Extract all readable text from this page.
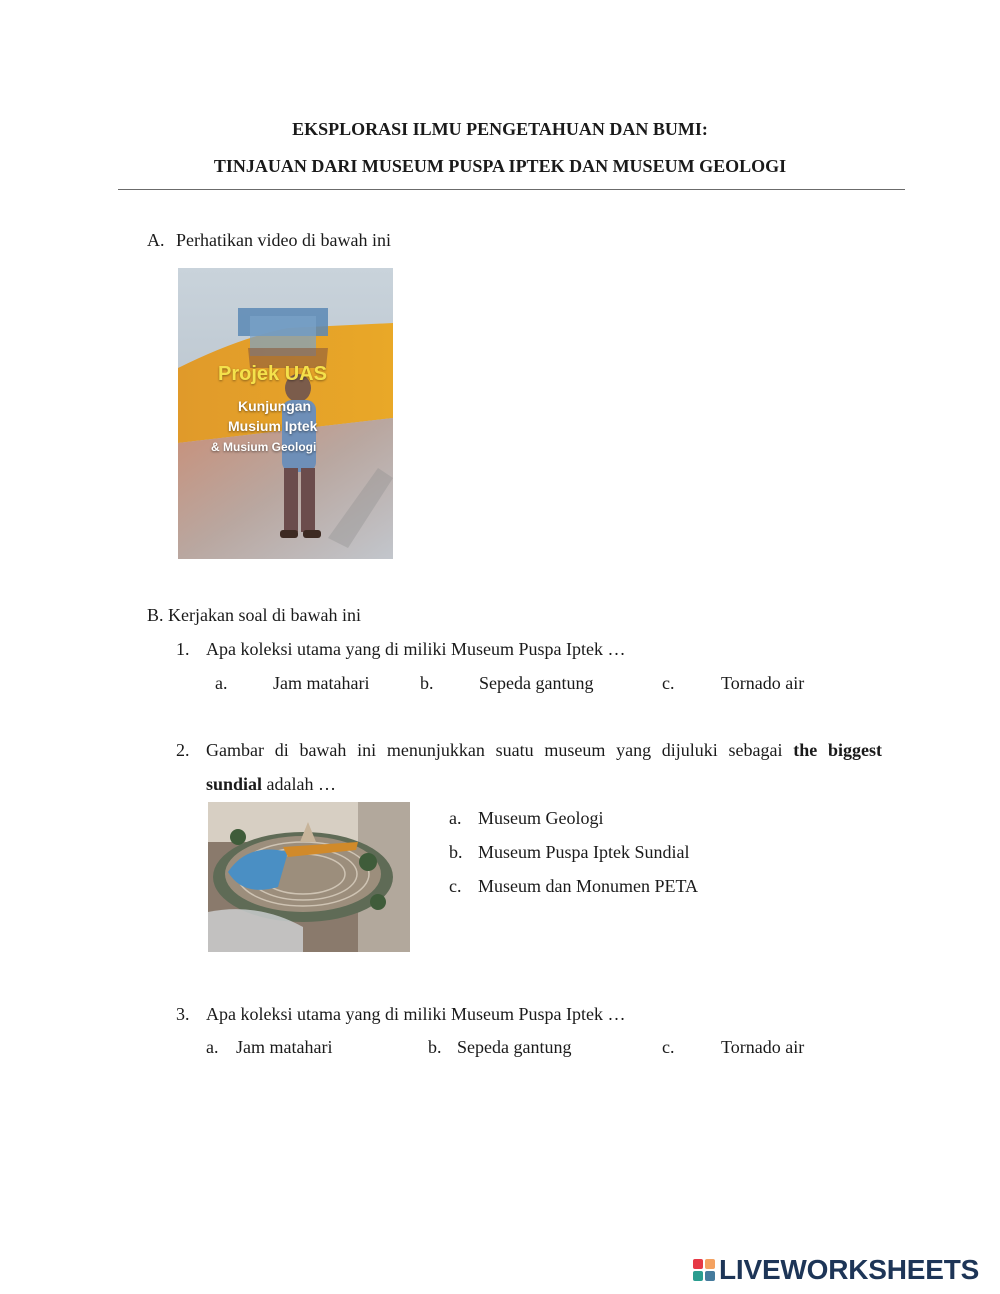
EKSPLORASI ILMU PENGETAHUAN DAN BUMI:
TINJAUAN DARI MUSEUM PUSPA IPTEK DAN MUSEUM GEOLOGI
A. Perhatikan video di bawah ini
Projek UAS
Kunjungan
Musium Iptek
& Musium Geologi
B. Kerjakan soal di bawah ini
1. Apa koleksi utama yang di miliki Museum Puspa Iptek …
a.	Jam matahari	b.	Sepeda gantung	c.	Tornado air
2. Gambar di bawah ini menunjukkan suatu museum yang dijuluki sebagai the biggest
sundial adalah …
a. Museum Geologi
b. Museum Puspa Iptek Sundial
c. Museum dan Monumen PETA
3. Apa koleksi utama yang di miliki Museum Puspa Iptek …
a. Jam matahari	b. Sepeda gantung	c.	Tornado air
LIVEWORKSHEETS
